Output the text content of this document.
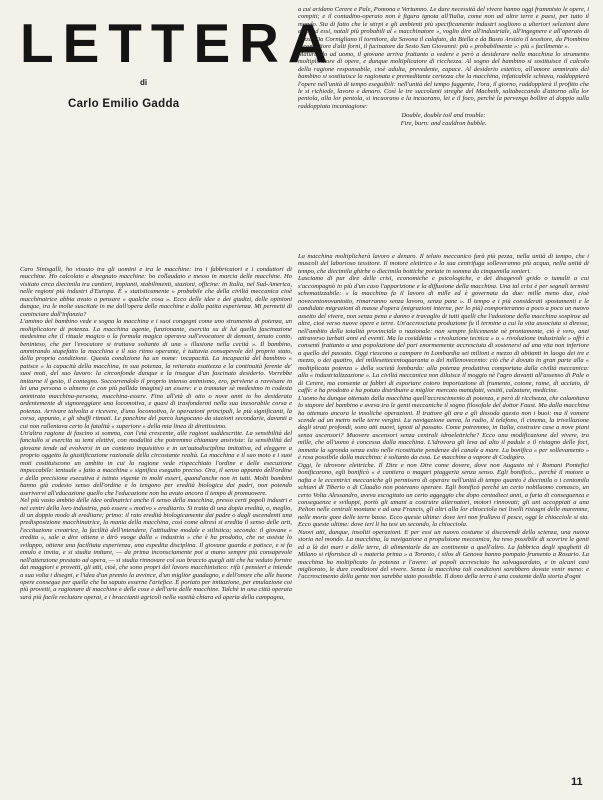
LETTERA
di
Carlo Emilio Gadda

a cui aridano Cerere e Pale, Pomona e Vertumno. Le dure necessità del vivere hanno oggi frammisto le opere, i compiti; e il contadino-operaio non è figura ignota all'Italia, come non ad altre terre e paesi, per tutto il mondo. Sta di fatto che le stirpi e gli ambienti più specificamente industri sogliono a ulteriori selezioni dare esse, ed essi, natali più probabili al « macchinatore », voglio dire all'industriale, all'ingegnere e all'operaio di razza. Da Cornigliano il tornitore, da Savona il calafato, da Biella e da Busto Arsizio il tessitore, da Piombino il conduttore d'alti forni, il fucinatore da Sesto San Giovanni: più « probabilmente »: più « facilmente ».

Maturando ad uomo, il giovane arriva frattanto a vedere e però a desiderare nella macchina lo strumento moltiplicatore di opere, e dunque moltiplicatore di ricchezza. Al sogno del bambino si sostituisce il calcolo della ragione responsabile, cioè adulta, prevedente, capace. Al desiderio estetico, all'amore ammirato del bambino si sostituisce la ragionata e premeditante certezza che la macchina, infaticabile schiava, raddoppierà l'opere nell'unità di tempo eseguibili: nell'unità del tempo fuggente, l'ora, il giorno, raddoppierà il profitto che le si richiede, lavoro e denaro. Così le tre succolanti streghe del Macbeth, saltabeccando d'attorno alla lor pentola, alla lor pentola, si incuorano e la incuorano, lei e il foco, perchè la pervenga bollire al doppio sulla raddoppiata incantagione:

Double, double toil and trouble:
Fire, burn: and cauldron bubble.

Caro Sinisgalli, ho vissuto tra gli uomini e tra le macchine: tra i fabbricatori e i conduttori di macchine. Ho calcolato e disegnato macchine: ho collaudato e messo in marcia delle macchine. Ho visitato circa diecimila tra cantieri, impianti, stabilimenti, stazioni, officine: in Italia, nel Sud-America, nelle regioni più industri d'Europa. È « statisticamente » probabile che della civiltà meccanica cioè macchinatrice abbia avuto a pensare « qualche cosa ». Ecco delle idee e dei giudizi, delle opinioni dunque, tra le molte suscitate in me dall'opera delle macchine e dalla patita esperienza. Mi permetti di cominciare dall'infanzia?

L'amimo del bambino vede e sogna la macchina e i suoi congegni come uno strumento di potenza, un moltiplicatore di potenza. La macchina agente, funzionante, esercita su di lui quella fascinazione medesima che il rituale magico o la formula magica operava sull'evocatore di demoni, tenuto conto, beninteso, che per l'evocatore si trattava soltanto di una « illusione nella cecità ». Il bambino, ammirando stupefatto la macchina e il suo ritmo operante, è tuttavia consapevole del proprio stato, della propria condizione. Questa condizione ha un nome: incapacità. La incapacità del bambino « patisce » la capacità della macchina, in sua potenza, la reiterata esattezza e la continuità ferente de' suoi moti, del suo lavoro: la circonfonde dunque e la insegue d'un fascinato desiderio. Vorrebbe imitarne il gesto, il contegno. Soccorrendolo il proprio intenso animismo, ero, perviene a ravvisare in lei una persona o almeno (e con più pallida imagine) un essere: e a tramutar sè medesimo in codesta ammirata macchina-persona, macchina-essere. Fino all'età di otto o nove anni io ho desiderato ardentemente di signoreggiare una locomotiva, e quasi di trasfondermi nella sua inesorabile corsa e potenza. Arrivare talvolta a ricevere, d'una locomotiva, le operazioni principali, le più significanti, la corsa, appunto, e gli sbuffi ritmati. Le panchine del parco lungocano da stazioni secondarie, davanti a cui non rallentava certo la fatalità « superiore » della mia linea di direttissimo.

Un'altra ragione di fascino si somma, con l'età crescente, alle ragioni suddescritte. La sensibilità del fanciullo si esercita su temi elettivi, con modalità che potremmo chiamare ansiviste: la sensibilità del giovane tende ad evolversi in un contesto inquisitivo e in un'autodisciplina imitativa, ed eleggere a proprio oggetto la giustificazione razionale della circostante realtà. La macchina e il suo moto e i suoi moti costituiscono un ambito in cui la ragione vede rispecchiato l'ordine e delle esecuzione impeccabile: tentuale « fatto a macchina » significa eseguito preciso. Ora, il senso appunto dell'ordine e della precisione esecutiva è istinto vigente in molti esseri, quand'anche non in tutti. Molti bambini hanno già codesto senso dell'ordine e lo tengono per eredità biologica dai padri, non potendo aserivervi all'educazione quello che l'educazione non ha avuto ancora il tempo di promuovere.

Nel più vasto ambito delle idee ordinatrici anche il senso della macchina, presso certi popoli industri e nei centri della loro industria, può essere « motivo » ereditario. Si tratta di una dopia eredità, o, meglio, di un doppio modo di ereditare; primo: il rato eredità biologicamente dai padre o dagli ascendenti una predisposizione macchinatrice, la mania della macchina, così come altresì si eredita il senso delle arti, l'eccitazione creatrice, la facilità dell'intendere, l'attitudine modale e stilistica; secondo: il giovane « eredita », sale a dire ottiene e dirò vuoge dalla « industria » che è ha prodotto, che ne assiste lo sviluppo, ottiene una facilitata esperienza, una espedita disciplina. Il giovane guarda e patisce, e si fa emulo e invita, e si studia imitare, — da prima inconsciamente poi a mano sempre più consapevole nell'attenzione prestato ad opera, — si studia rinnovare col suo braccio quegli atti che ha veduto fornire dai maggiori e provetti, gli atti, cioè, che sono propri del lavoro macchinistico: rifà i pensieri e intende a sua volta i disegni, e l'idea d'un premio la avvince, d'un miglior guadagno, e dell'onore che alle buone opere consegue per quelle che ha saputo esserne l'artefice. È portato per imitazione, per emulazione coi più provetti, a ragionare di macchine e delle cose e dell'arte delle macchine. Talchè in una città operaia sarà più facile reclutare operai, e i braccianti agricoli nella vastità chiara ed aperta della campagna,

La macchina moltiplicherà lavoro e denaro. Il telaio meccanico farà più pezza, nella unità di tempo, che i muscoli del laborioso tessitore. Il motore elettrico e la sua centrifuga solleveranno più acqua, nella unità di tempo, che diecimila ghirbe o diecimila bottiche portate in somma da cinquemila sonieri.

Lasciamo di pur dire delle crisi, economiche e psicologiche, e dei disagevoli grido o tumulti a cui s'accompagnò in più d'un caso l'apparizione e la diffusione della macchina. Una tal crisi è per segnali termini schematizzabile: « la macchina fa il lavoro di mille ed è governata da due: mille meno due, cioè novecentonovantotto, rimarranno senza lavoro, senza pane ». Il tempo e i più considerati spostamenti e le candidate migrazioni di masse d'opera (migrazioni interne, per lo più) comporteranno a poco a poco un nuovo assetto del vivere, non senza pena e danno e travaglio di tutti quelli che l'adozione della macchina sospinse ad altre, cioè verso nuove opere e terre. Un'accresciuta produzione fu il termine a cui la vita associata si diresse, nell'ambito della totalità provinciale o nazionale: non sempre felicemente nè prontamente, ciò è vero, anzi attraverso turbati anni ed eventi. Ma la cosiddetta « rivoluzione tecnica » o « rivoluzione industriale » offrì e consentì frattanto a una popolazione del pari enormemente accresciuta di sostenersi ad una vita non inferiore a quello del passato. Oggi riescono a campare in Lombardia sei milioni e mezzo di abitanti in luogo dei tre e mezzo, o dei quattro, del millesettecentoquaranta o del millenovecento: ciò che è dovuto in gran parte alla « moltiplicata potenza » della società lombarda: alla potenza produttiva comportata dalla civiltà meccanica: alla « industrializzazione ». La civiltà meccanica non diluisce il moggio nè l'agro davanti all'assenso di Pale o di Cerere, ma consente ai fabbri di esportare cotoro importazione di frumento, cotone, rame, di acciaio, di caffè: e ha prodotto e ha potuto distribuire a miglior mercato manufatti, vestiti, calzature, medicine.

L'uomo ha dunque ottenuto dalla macchina quell'accrescimento di potenza, e però di ricchezza, che calamitava lo stupore del bambino e aveva tra le genti meccaniche il sogno filosofale del dottor Faust. Ma dalla macchina ha ottenuto ancora le insoliche operazioni. Il trattore gli ara e gli dissoda questo non i buoi: ma il vomere scende ad un metro nelle terre vergini. La navigazione aerea, la radio, il telefono, il cinema, la trivellazione degli strati profondi, sono atti nuovi, ignoti al passato. Come potremmo, in Italia, costruire case a nove piani senza ascensori? Muovere ascensori senza centrali idroelettriche? Ecco una modificazione del vivere, tra mille, che all'uomo è concessa dalla macchina. L'idrovora gli leva ad alto il padule e il ristagno delle foci, immette la sgronda senza esito nelle ricostituite pendenze del canale a mare. La bonifica « per sollevamento » è resa possibile dalla macchina: è soltanto da essa. Le macchine a vapore di Codigòro.

Oggi, le idrovore elettriche. Il Dire e non Dire come dovere, dove non Augusto nè i Romani Pontefici bonificarono, egli bonificò « è cantiera o magari piaggeria senza senso. Egli bonificò... perchè il motore a nafta e le eccentrici meccaniche gli permisero di operare nell'unità di tempo quanto è diecimila o i centomila schiavi di Tiberio o di Claudio non potevano operare. Egli bonificò perchè un certo nobiluomo comasco, un certo Volta Alessandro, aveva escogitato un certo aggeggio che dopo centodieci anni, a furia di conseguenza e conseguenze e sviluppi, portò gli umani a costruire alternatori, motori rinnovati; gli uni accoppiati a una Pelton nelle centrali montane e ad una Francis, gli altri alla lor chiocciola nei livelli ristagni delle maremme, nelle morte gore delle terre basse. Ecco queste ultime: dove ieri non frullava il pesce, oggi le chiocciole si sta. Ecco queste ultime: dove ieri li ha tesi un secondo, la chiocciola.

Nuovi atti, dunque, insoliti operazioni. E per essi un nuovo costume si discovendi della scienza, una nuova storia nel mondo. La macchina, la navigazione a propulsione meccanica, ha reso possibile di scovrire le genti ed a là dei mari e delle terre, di alimentarle da un continente a quell'altro. La fabbrica degli spaghetti di Milano si rifornisce di « materia prima » a Toronto, i silos di Genova hanno pompato frumento a Rosario. La macchina ha moltiplicato la potenza e l'avere: ai popoli accresciuto ha salvaguardato, e in alcuni casi migliorato, le dure condizioni del vivere. Senza la macchina tali condizioni sarebbero dovute venir meno: e l'accrescimento della gente non sarebbe stato possibile. Il dono della terra è una costante della storia d'ogni

11
